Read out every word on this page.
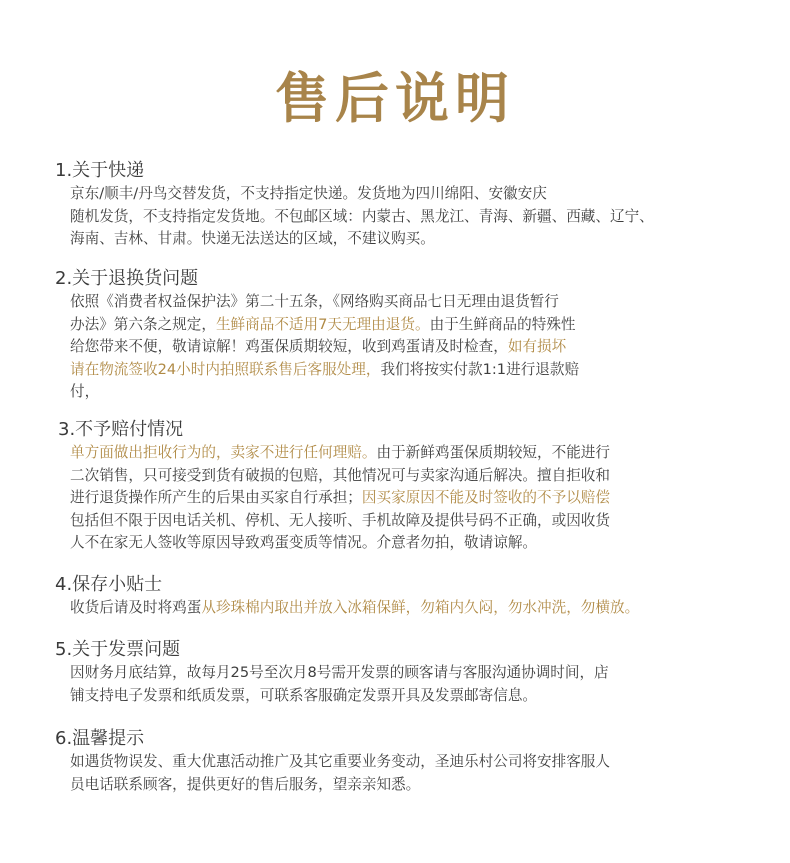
售后说明
1.关于快递
京东/顺丰/丹鸟交替发货，不支持指定快递。发货地为四川绵阳、安徽安庆
随机发货，不支持指定发货地。不包邮区域：内蒙古、黑龙江、青海、新疆、西藏、辽宁、
海南、吉林、甘肃。快递无法送达的区域，不建议购买。
2.关于退换货问题
依照《消费者权益保护法》第二十五条，《网络购买商品七日无理由退货暂行
办法》第六条之规定，生鲜商品不适用7天无理由退货。由于生鲜商品的特殊性
给您带来不便，敬请谅解！鸡蛋保质期较短，收到鸡蛋请及时检查，如有损坏
请在物流签收24小时内拍照联系售后客服处理，我们将按实付款1:1进行退款赔
付，
3.不予赔付情况
单方面做出拒收行为的，卖家不进行任何理赔。由于新鲜鸡蛋保质期较短，不能进行
二次销售，只可接受到货有破损的包赔，其他情况可与卖家沟通后解决。擅自拒收和
进行退货操作所产生的后果由买家自行承担；因买家原因不能及时签收的不予以赔偿
包括但不限于因电话关机、停机、无人接听、手机故障及提供号码不正确，或因收货
人不在家无人签收等原因导致鸡蛋变质等情况。介意者勿拍，敬请谅解。
4.保存小贴士
收货后请及时将鸡蛋从珍珠棉内取出并放入冰箱保鲜，勿箱内久闷，勿水冲洗，勿横放。
5.关于发票问题
因财务月底结算，故每月25号至次月8号需开发票的顾客请与客服沟通协调时间，店
铺支持电子发票和纸质发票，可联系客服确定发票开具及发票邮寄信息。
6.温馨提示
如遇货物误发、重大优惠活动推广及其它重要业务变动，圣迪乐村公司将安排客服人
员电话联系顾客，提供更好的售后服务，望亲亲知悉。
